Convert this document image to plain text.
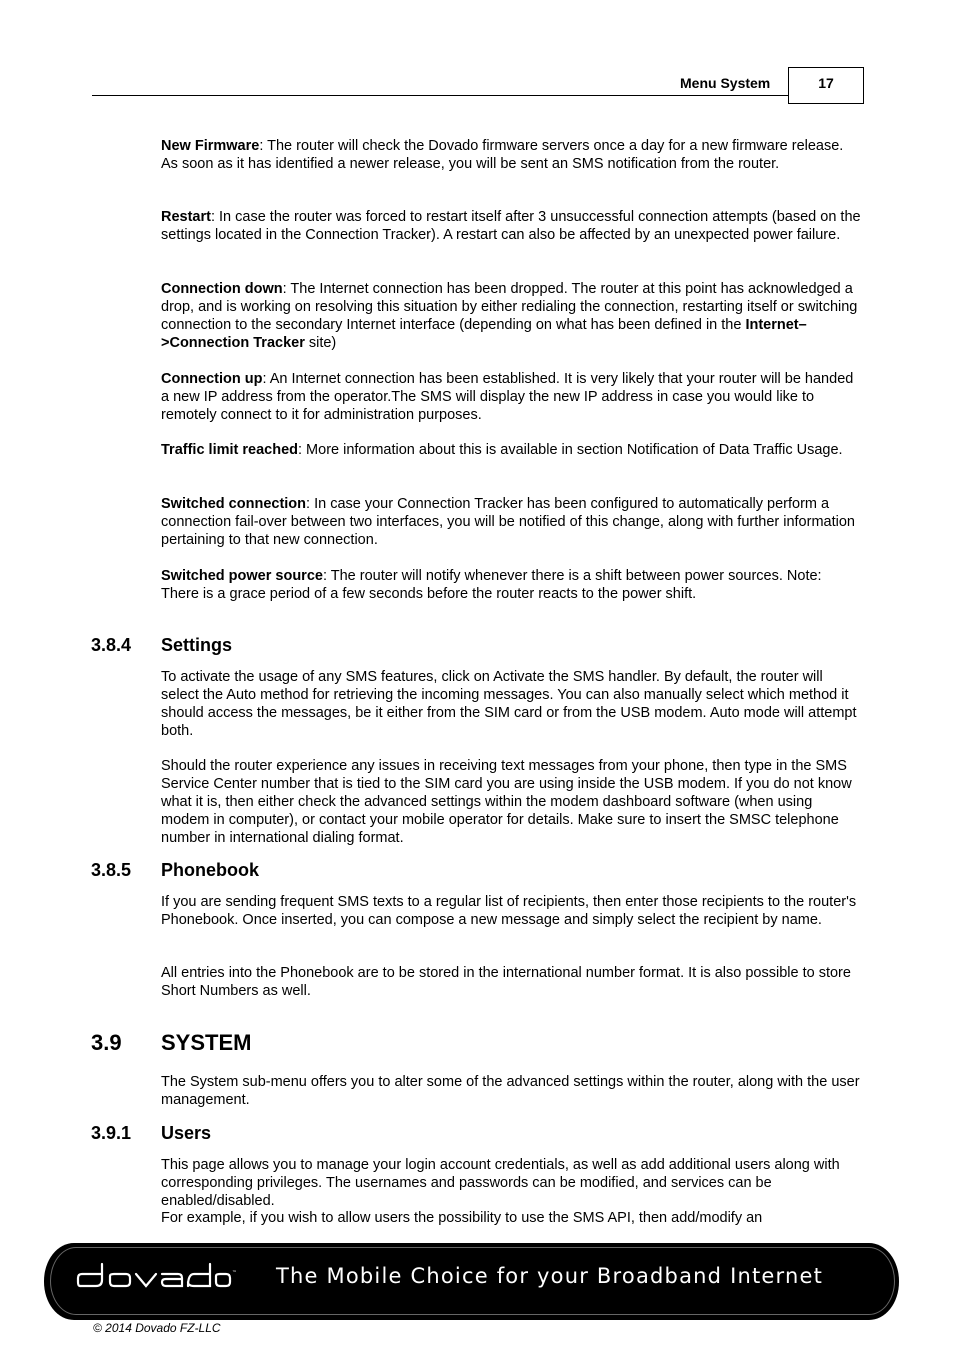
Menu System	17

New Firmware: The router will check the Dovado firmware servers once a day for a new firmware release. As soon as it has identified a newer release, you will be sent an SMS notification from the router.

Restart: In case the router was forced to restart itself after 3 unsuccessful connection attempts (based on the settings located in the Connection Tracker). A restart can also be affected by an unexpected power failure.

Connection down: The Internet connection has been dropped. The router at this point has acknowledged a drop, and is working on resolving this situation by either redialing the connection, restarting itself or switching connection to the secondary Internet interface (depending on what has been defined in the Internet–>Connection Tracker site)

Connection up: An Internet connection has been established. It is very likely that your router will be handed a new IP address from the operator.The SMS will display the new IP address in case you would like to remotely connect to it for administration purposes.

Traffic limit reached: More information about this is available in section Notification of Data Traffic Usage.

Switched connection: In case your Connection Tracker has been configured to automatically perform a connection fail-over between two interfaces, you will be notified of this change, along with further information pertaining to that new connection.

Switched power source: The router will notify whenever there is a shift between power sources. Note: There is a grace period of a few seconds before the router reacts to the power shift.

3.8.4 Settings

To activate the usage of any SMS features, click on Activate the SMS handler. By default, the router will select the Auto method for retrieving the incoming messages. You can also manually select which method it should access the messages, be it either from the SIM card or from the USB modem. Auto mode will attempt both.

Should the router experience any issues in receiving text messages from your phone, then type in the SMS Service Center number that is tied to the SIM card you are using inside the USB modem. If you do not know what it is, then either check the advanced settings within the modem dashboard software (when using modem in computer), or contact your mobile operator for details. Make sure to insert the SMSC telephone number in international dialing format.

3.8.5 Phonebook

If you are sending frequent SMS texts to a regular list of recipients, then enter those recipients to the router's Phonebook. Once inserted, you can compose a new message and simply select the recipient by name.

All entries into the Phonebook are to be stored in the international number format. It is also possible to store Short Numbers as well.

3.9 SYSTEM

The System sub-menu offers you to alter some of the advanced settings within the router, along with the user management.

3.9.1 Users

This page allows you to manage your login account credentials, as well as add additional users along with corresponding privileges. The usernames and passwords can be modified, and services can be enabled/disabled.

For example, if you wish to allow users the possibility to use the SMS API, then add/modify an

™ The Mobile Choice for your Broadband Internet
© 2014 Dovado FZ-LLC
